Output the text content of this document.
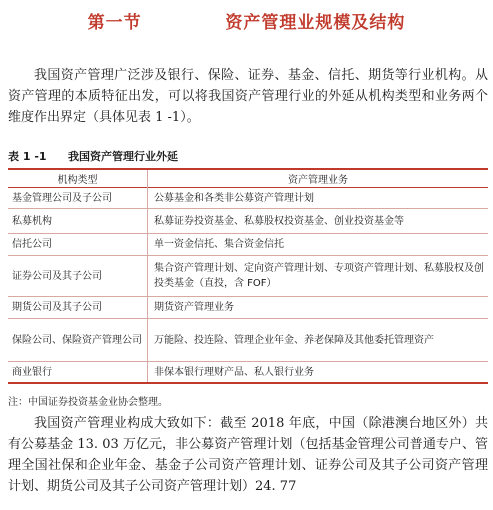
第一节    资产管理业规模及结构

我国资产管理广泛涉及银行、保险、证券、基金、信托、期货等行业机构。从资产管理的本质特征出发，可以将我国资产管理行业的外延从机构类型和业务两个维度作出界定（具体见表 1 -1）。

表 1 -1 我国资产管理行业外延
机构类型	资产管理业务
基金管理公司及子公司	公募基金和各类非公募资产管理计划
私募机构	私募证券投资基金、私募股权投资基金、创业投资基金等
信托公司	单一资金信托、集合资金信托
证券公司及其子公司	集合资产管理计划、定向资产管理计划、专项资产管理计划、私募股权及创投类基金（直投，含 FOF）
期货公司及其子公司	期货资产管理业务
保险公司、保险资产管理公司	万能险、投连险、管理企业年金、养老保障及其他委托管理资产
商业银行	非保本银行理财产品、私人银行业务
注：中国证券投资基金业协会整理。

我国资产管理业构成大致如下：截至 2018 年底，中国（除港澳台地区外）共有公募基金 13. 03 万亿元，非公募资产管理计划（包括基金管理公司普通专户、管理全国社保和企业年金、基金子公司资产管理计划、证券公司及其子公司资产管理计划、期货公司及其子公司资产管理计划）24. 77
